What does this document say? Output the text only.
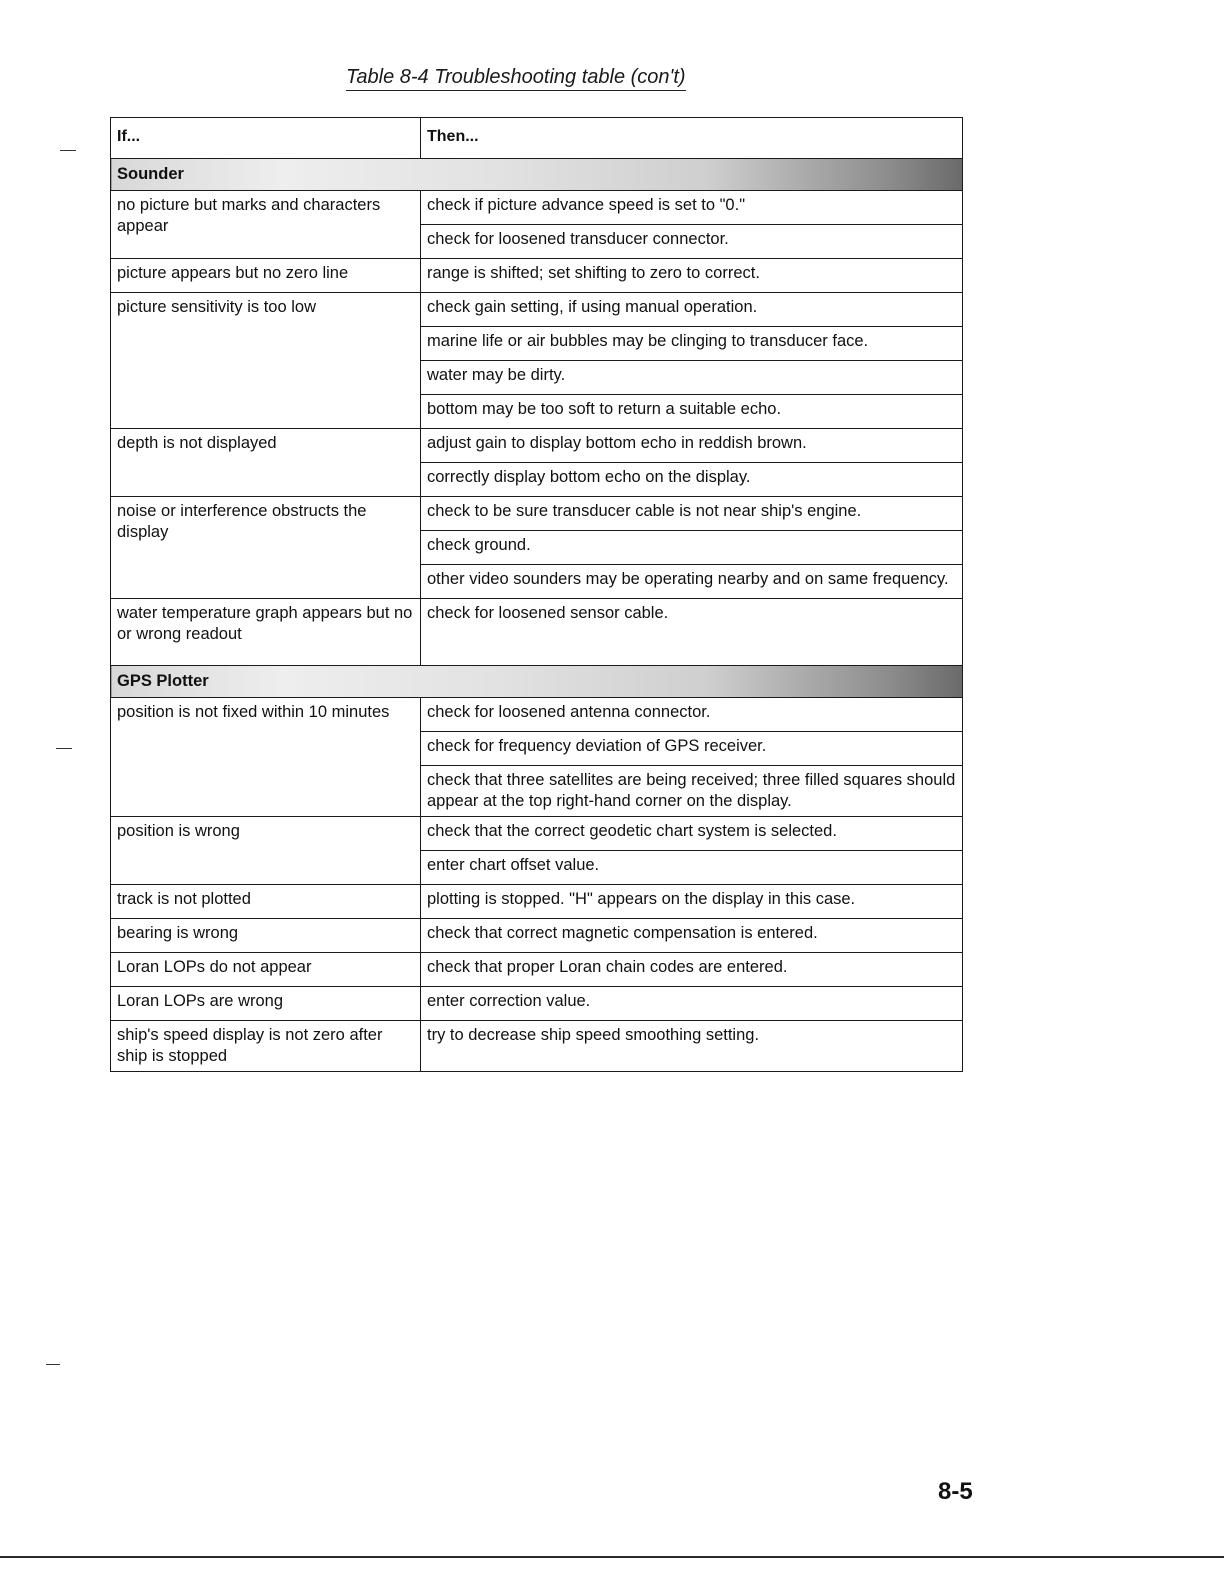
Table 8-4 Troubleshooting table (con't)
If...	Then...
Sounder	
no picture but marks and characters appear	check if picture advance speed is set to "0."
	check for loosened transducer connector.
picture appears but no zero line	range is shifted; set shifting to zero to correct.
picture sensitivity is too low	check gain setting, if using manual operation.
	marine life or air bubbles may be clinging to transducer face.
	water may be dirty.
	bottom may be too soft to return a suitable echo.
depth is not displayed	adjust gain to display bottom echo in reddish brown.
	correctly display bottom echo on the display.
noise or interference obstructs the display	check to be sure transducer cable is not near ship's engine.
	check ground.
	other video sounders may be operating nearby and on same frequency.
water temperature graph appears but no or wrong readout	check for loosened sensor cable.
GPS Plotter	
position is not fixed within 10 minutes	check for loosened antenna connector.
	check for frequency deviation of GPS receiver.
	check that three satellites are being received; three filled squares should appear at the top right-hand corner on the display.
position is wrong	check that the correct geodetic chart system is selected.
	enter chart offset value.
track is not plotted	plotting is stopped. "H" appears on the display in this case.
bearing is wrong	check that correct magnetic compensation is entered.
Loran LOPs do not appear	check that proper Loran chain codes are entered.
Loran LOPs are wrong	enter correction value.
ship's speed display is not zero after ship is stopped	try to decrease ship speed smoothing setting.
8-5
